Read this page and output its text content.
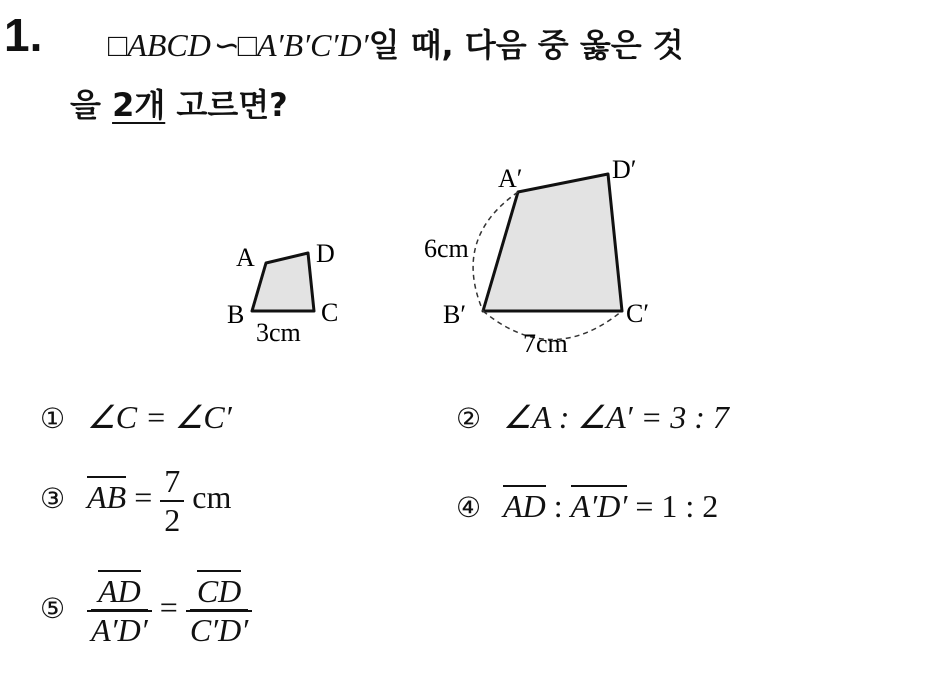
1. □ABCD∽□A′B′C′D′일 때, 다음 중 옳은 것
을 2개 고르면?
A D
B	C
3cm
A′	D′
B′	C′
6cm
7cm
① ∠C = ∠C′	② ∠A : ∠A′ = 3 : 7
③ AB = $\frac{7}{2}$ cm	④ AD : A′D′ = 1 : 2
⑤ $\frac{AD}{A'D'} = \frac{CD}{C'D'}$
